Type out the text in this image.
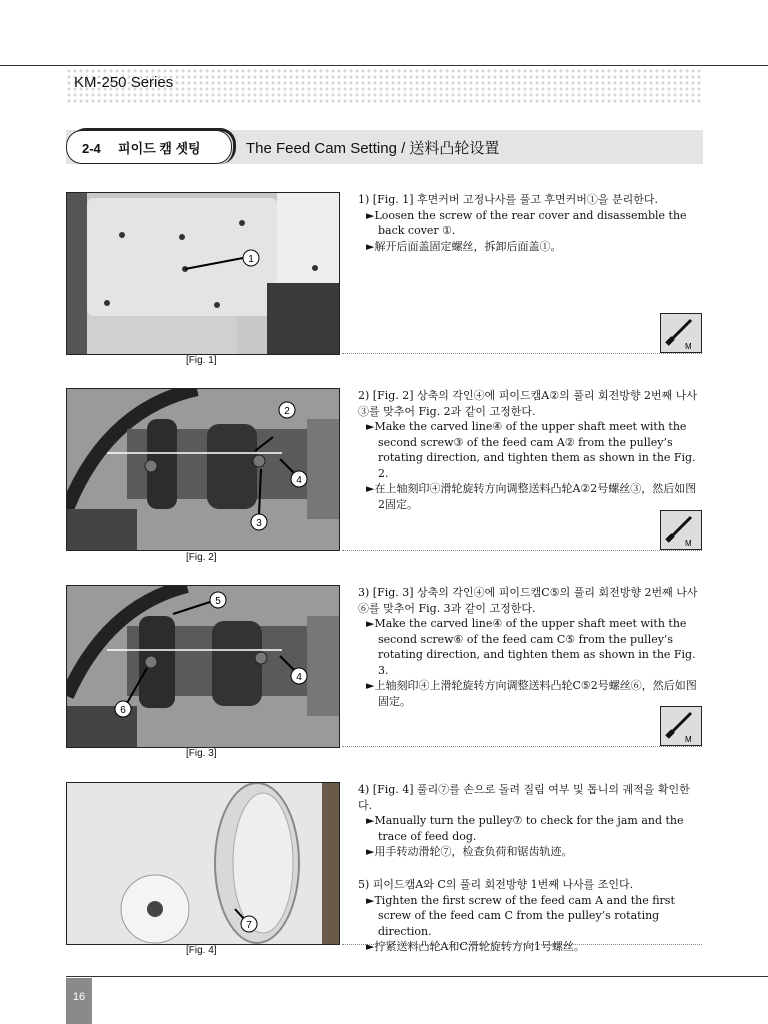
KM-250 Series
2-4 피이드 캠 셋팅	The Feed Cam Setting / 送料凸轮设置
1
[Fig. 1]

1) [Fig. 1] 후면커버 고정나사를 풀고 후면커버①을 분리한다.

►Loosen the screw of the rear cover and disassemble the back cover ①.

►解开后面盖固定螺丝，拆卸后面盖①。

M
2
4
3
[Fig. 2]

2) [Fig. 2] 상축의 각인④에 피이드캠A②의 풀리 회전방향 2번째 나사③를 맞추어 Fig. 2과 같이 고정한다.

►Make the carved line④ of the upper shaft meet with the second screw③ of the feed cam A② from the pulley’s rotating direction, and tighten them as shown in the Fig. 2.

►在上轴刻印④滑轮旋转方向调整送料凸轮A②2号螺丝③，然后如图2固定。

M
5
4
6
[Fig. 3]

3) [Fig. 3] 상축의 각인④에 피이드캠C⑤의 풀리 회전방향 2번째 나사⑥를 맞추어 Fig. 3과 같이 고정한다.

►Make the carved line④ of the upper shaft meet with the second screw⑥ of the feed cam C⑤ from the pulley’s rotating direction, and tighten them as shown in the Fig. 3.

►上轴刻印④上滑轮旋转方向调整送料凸轮C⑤2号螺丝⑥，然后如图固定。

M
7
[Fig. 4]

4) [Fig. 4] 풀리⑦를 손으로 돌려 질림 여부 및 톱니의 궤적을 확인한다.

►Manually turn the pulley⑦ to check for the jam and the trace of feed dog.

►用手转动滑轮⑦，检查负荷和锯齿轨迹。

5) 피이드캠A와 C의 풀리 회전방향 1번째 나사를 조인다.

►Tighten the first screw of the feed cam A and the first screw of the feed cam C from the pulley’s rotating direction.

►拧紧送料凸轮A和C滑轮旋转方向1号螺丝。

16
